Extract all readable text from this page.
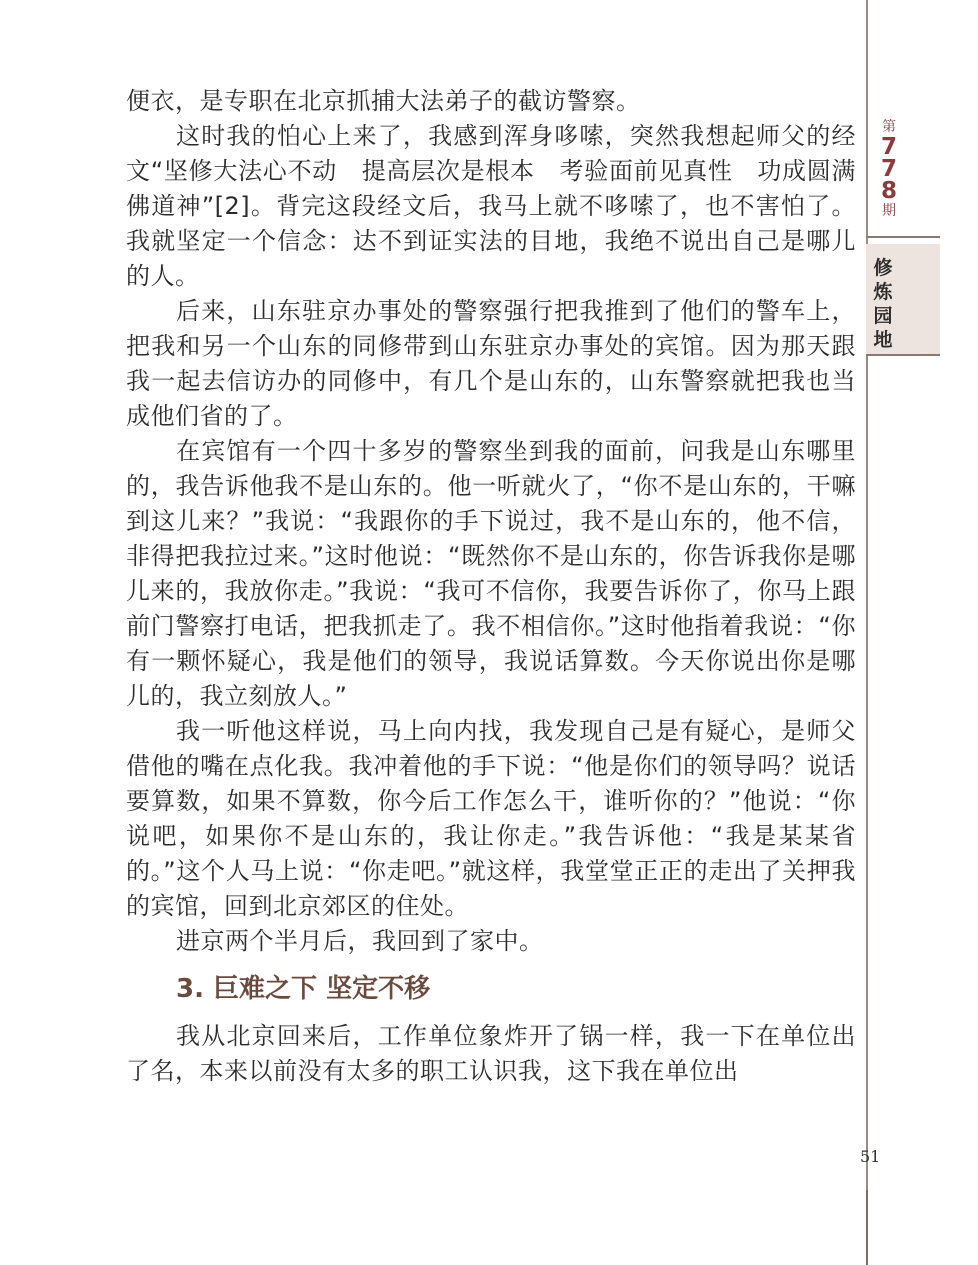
第
7
7
8
期
修
炼
园
地

便衣，是专职在北京抓捕大法弟子的截访警察。

这时我的怕心上来了，我感到浑身哆嗦，突然我想起师父的经文“坚修大法心不动　提高层次是根本　考验面前见真性　功成圆满佛道神”[2]。背完这段经文后，我马上就不哆嗦了，也不害怕了。我就坚定一个信念：达不到证实法的目地，我绝不说出自己是哪儿的人。

后来，山东驻京办事处的警察强行把我推到了他们的警车上，把我和另一个山东的同修带到山东驻京办事处的宾馆。因为那天跟我一起去信访办的同修中，有几个是山东的，山东警察就把我也当成他们省的了。

在宾馆有一个四十多岁的警察坐到我的面前，问我是山东哪里的，我告诉他我不是山东的。他一听就火了，“你不是山东的，干嘛到这儿来？”我说：“我跟你的手下说过，我不是山东的，他不信，非得把我拉过来。”这时他说：“既然你不是山东的，你告诉我你是哪儿来的，我放你走。”我说：“我可不信你，我要告诉你了，你马上跟前门警察打电话，把我抓走了。我不相信你。”这时他指着我说：“你有一颗怀疑心，我是他们的领导，我说话算数。今天你说出你是哪儿的，我立刻放人。”

我一听他这样说，马上向内找，我发现自己是有疑心，是师父借他的嘴在点化我。我冲着他的手下说：“他是你们的领导吗？说话要算数，如果不算数，你今后工作怎么干，谁听你的？”他说：“你说吧，如果你不是山东的，我让你走。”我告诉他：“我是某某省的。”这个人马上说：“你走吧。”就这样，我堂堂正正的走出了关押我的宾馆，回到北京郊区的住处。

进京两个半月后，我回到了家中。

3. 巨难之下 坚定不移

我从北京回来后，工作单位象炸开了锅一样，我一下在单位出了名，本来以前没有太多的职工认识我，这下我在单位出

51
